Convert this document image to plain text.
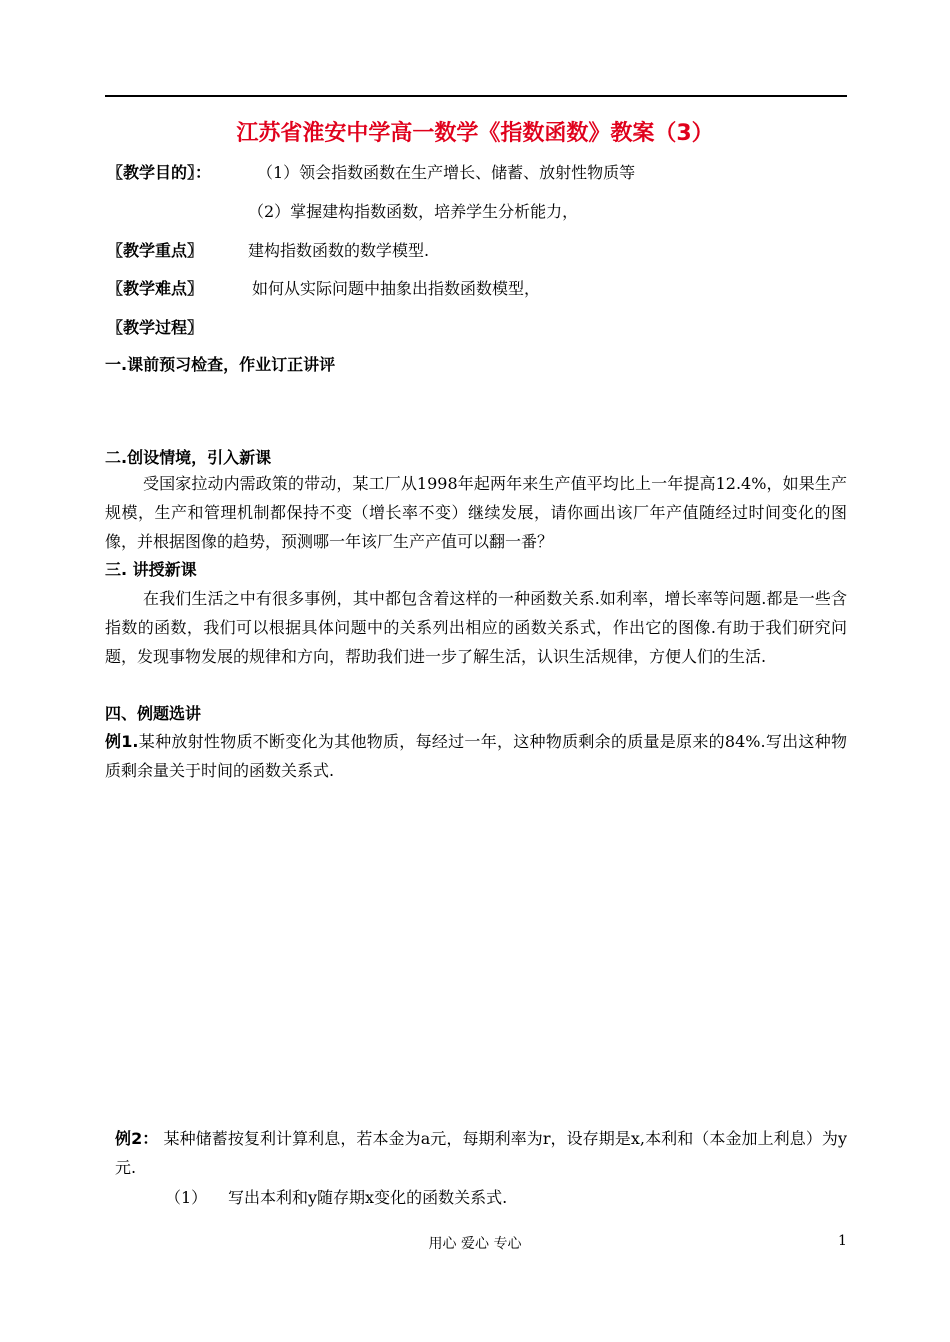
江苏省淮安中学高一数学《指数函数》教案（3）
〖教学目的〗：	（1）领会指数函数在生产增长、储蓄、放射性物质等
（2）掌握建构指数函数，培养学生分析能力，
〖教学重点〗	建构指数函数的数学模型.
〖教学难点〗	如何从实际问题中抽象出指数函数模型，
〖教学过程〗
一.课前预习检查，作业订正讲评
二.创设情境，引入新课
受国家拉动内需政策的带动，某工厂从1998年起两年来生产值平均比上一年提高12.4%，如果生产规模，生产和管理机制都保持不变（增长率不变）继续发展，请你画出该厂年产值随经过时间变化的图像，并根据图像的趋势，预测哪一年该厂生产产值可以翻一番？
三. 讲授新课
在我们生活之中有很多事例，其中都包含着这样的一种函数关系.如利率，增长率等问题.都是一些含指数的函数，我们可以根据具体问题中的关系列出相应的函数关系式，作出它的图像.有助于我们研究问题，发现事物发展的规律和方向，帮助我们进一步了解生活，认识生活规律，方便人们的生活.
四、例题选讲
例1.某种放射性物质不断变化为其他物质，每经过一年，这种物质剩余的质量是原来的84%.写出这种物质剩余量关于时间的函数关系式.
例2： 某种储蓄按复利计算利息，若本金为a元，每期利率为r，设存期是x,本利和（本金加上利息）为y元.
（1） 写出本利和y随存期x变化的函数关系式.
用心 爱心 专心	1
